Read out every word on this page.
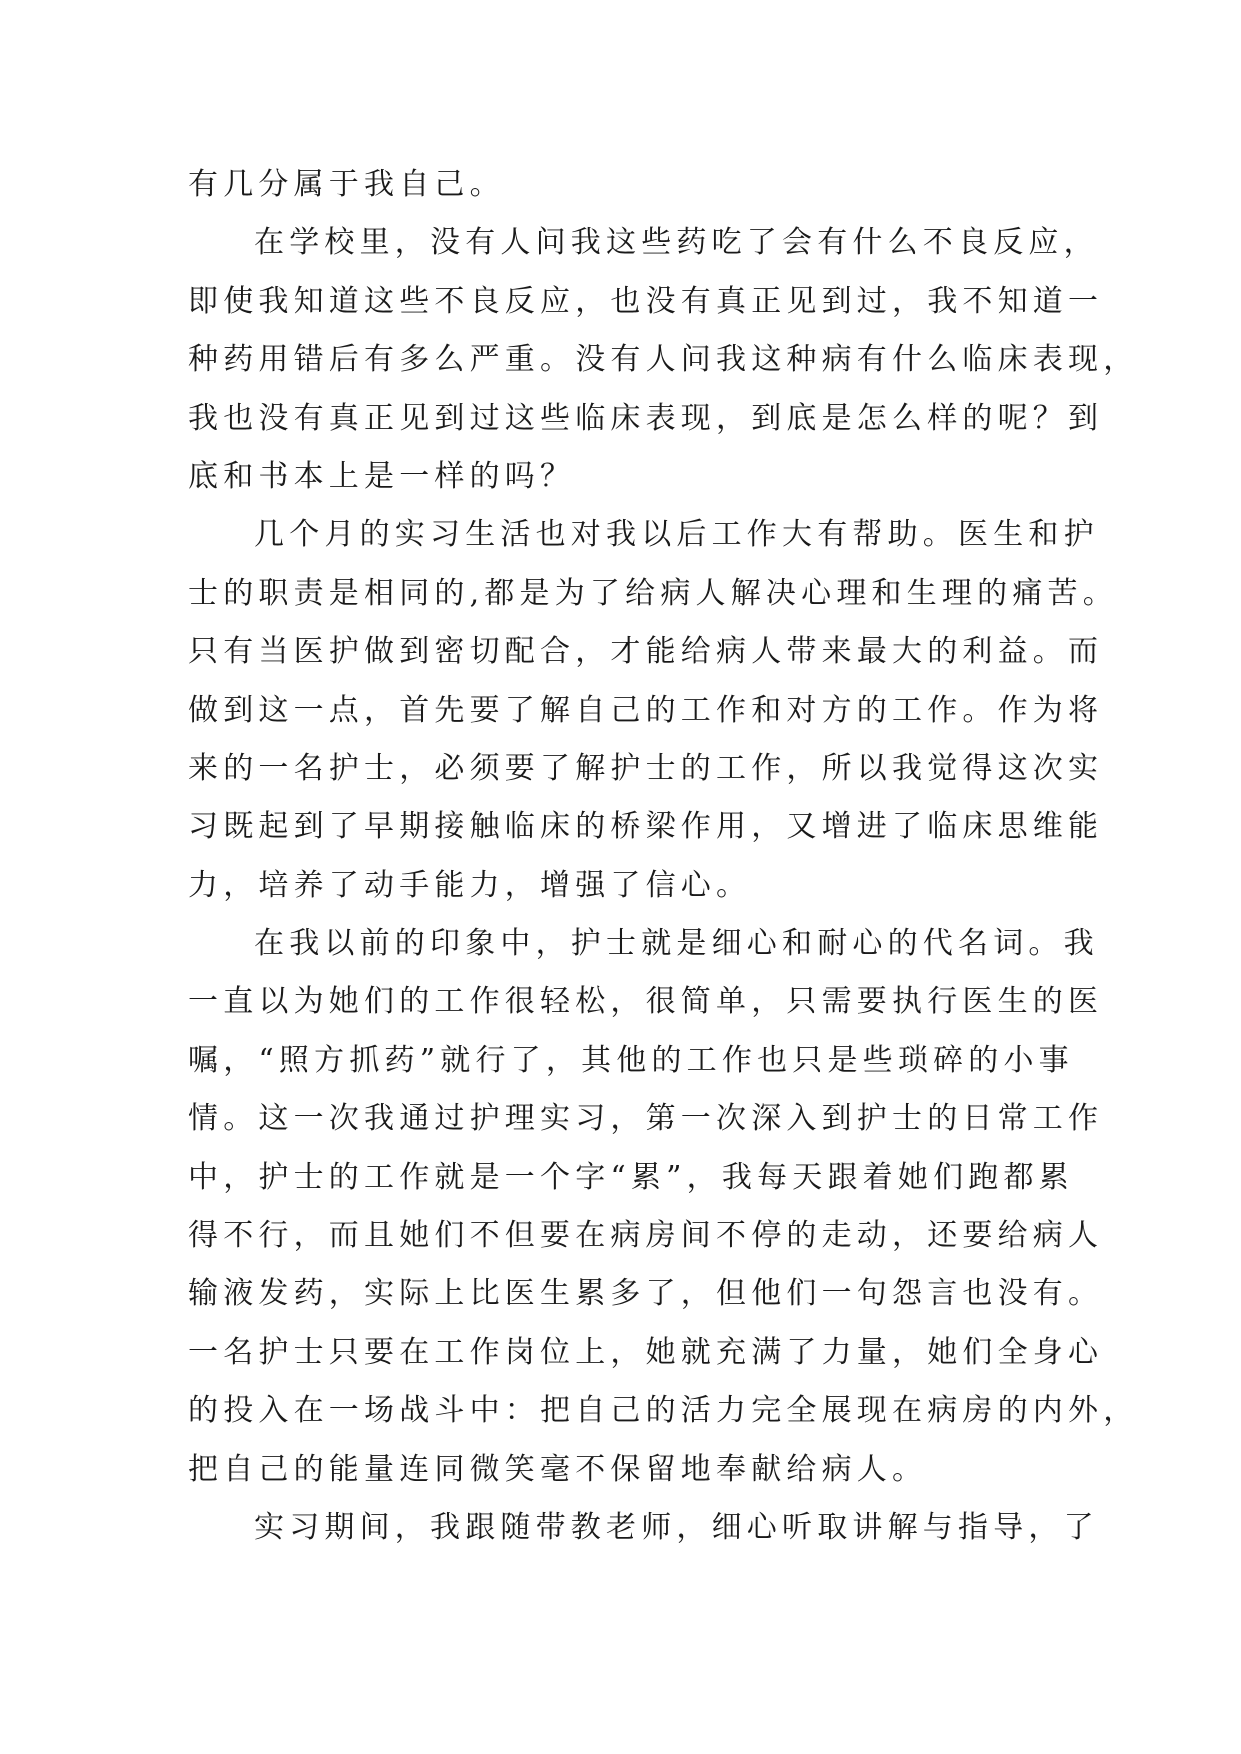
有几分属于我自己。
在学校里，没有人问我这些药吃了会有什么不良反应，
即使我知道这些不良反应，也没有真正见到过，我不知道一
种药用错后有多么严重。没有人问我这种病有什么临床表现，
我也没有真正见到过这些临床表现，到底是怎么样的呢？到
底和书本上是一样的吗？
几个月的实习生活也对我以后工作大有帮助。医生和护
士的职责是相同的,都是为了给病人解决心理和生理的痛苦。
只有当医护做到密切配合，才能给病人带来最大的利益。而
做到这一点，首先要了解自己的工作和对方的工作。作为将
来的一名护士，必须要了解护士的工作，所以我觉得这次实
习既起到了早期接触临床的桥梁作用，又增进了临床思维能
力，培养了动手能力，增强了信心。
在我以前的印象中，护士就是细心和耐心的代名词。我
一直以为她们的工作很轻松，很简单，只需要执行医生的医
嘱，“照方抓药”就行了，其他的工作也只是些琐碎的小事
情。这一次我通过护理实习，第一次深入到护士的日常工作
中，护士的工作就是一个字“累”，我每天跟着她们跑都累
得不行，而且她们不但要在病房间不停的走动，还要给病人
输液发药，实际上比医生累多了，但他们一句怨言也没有。
一名护士只要在工作岗位上，她就充满了力量，她们全身心
的投入在一场战斗中：把自己的活力完全展现在病房的内外，
把自己的能量连同微笑毫不保留地奉献给病人。
实习期间，我跟随带教老师，细心听取讲解与指导，了
